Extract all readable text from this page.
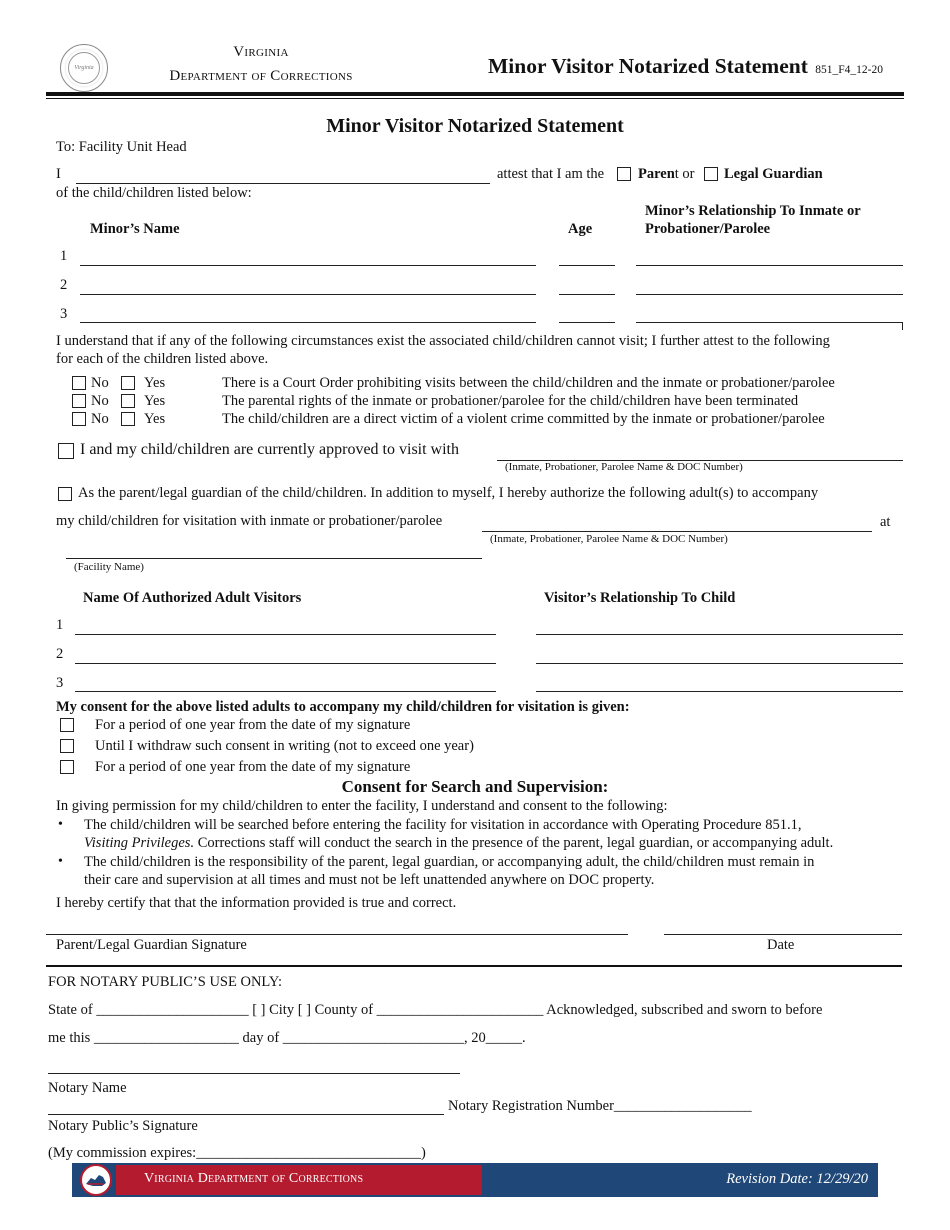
Virginia
Virginia
Department of Corrections	Minor Visitor Notarized Statement 851_F4_12-20
Minor Visitor Notarized Statement
To: Facility Unit Head
I	attest that I am the Parent or Legal Guardian
of the child/children listed below:
Minor’s Name	Age
Minor’s Relationship To Inmate or
Probationer/Parolee
1
2
3
I understand that if any of the following circumstances exist the associated child/children cannot visit; I further attest to the following
for each of the children listed above.
No Yes	There is a Court Order prohibiting visits between the child/children and the inmate or probationer/parolee
No Yes	The parental rights of the inmate or probationer/parolee for the child/children have been terminated
No Yes	The child/children are a direct victim of a violent crime committed by the inmate or probationer/parolee
I and my child/children are currently approved to visit with
(Inmate, Probationer, Parolee Name & DOC Number)
As the parent/legal guardian of the child/children. In addition to myself, I hereby authorize the following adult(s) to accompany
my child/children for visitation with inmate or probationer/parolee	at
(Inmate, Probationer, Parolee Name & DOC Number)
(Facility Name)
Name Of Authorized Adult Visitors	Visitor’s Relationship To Child
1
2
3
My consent for the above listed adults to accompany my child/children for visitation is given:
For a period of one year from the date of my signature
Until I withdraw such consent in writing (not to exceed one year)
For a period of one year from the date of my signature
Consent for Search and Supervision:
In giving permission for my child/children to enter the facility, I understand and consent to the following:
• The child/children will be searched before entering the facility for visitation in accordance with Operating Procedure 851.1,
Visiting Privileges. Corrections staff will conduct the search in the presence of the parent, legal guardian, or accompanying adult.
• The child/children is the responsibility of the parent, legal guardian, or accompanying adult, the child/children must remain in
their care and supervision at all times and must not be left unattended anywhere on DOC property.
I hereby certify that that the information provided is true and correct.
Parent/Legal Guardian Signature	Date
FOR NOTARY PUBLIC’S USE ONLY:
State of _____________________ [ ] City [ ] County of _______________________ Acknowledged, subscribed and sworn to before
me this ____________________ day of _________________________, 20_____.
Notary Name
Notary Registration Number___________________
Notary Public’s Signature
(My commission expires:_______________________________)
Virginia Department of Corrections	Revision Date: 12/29/20
